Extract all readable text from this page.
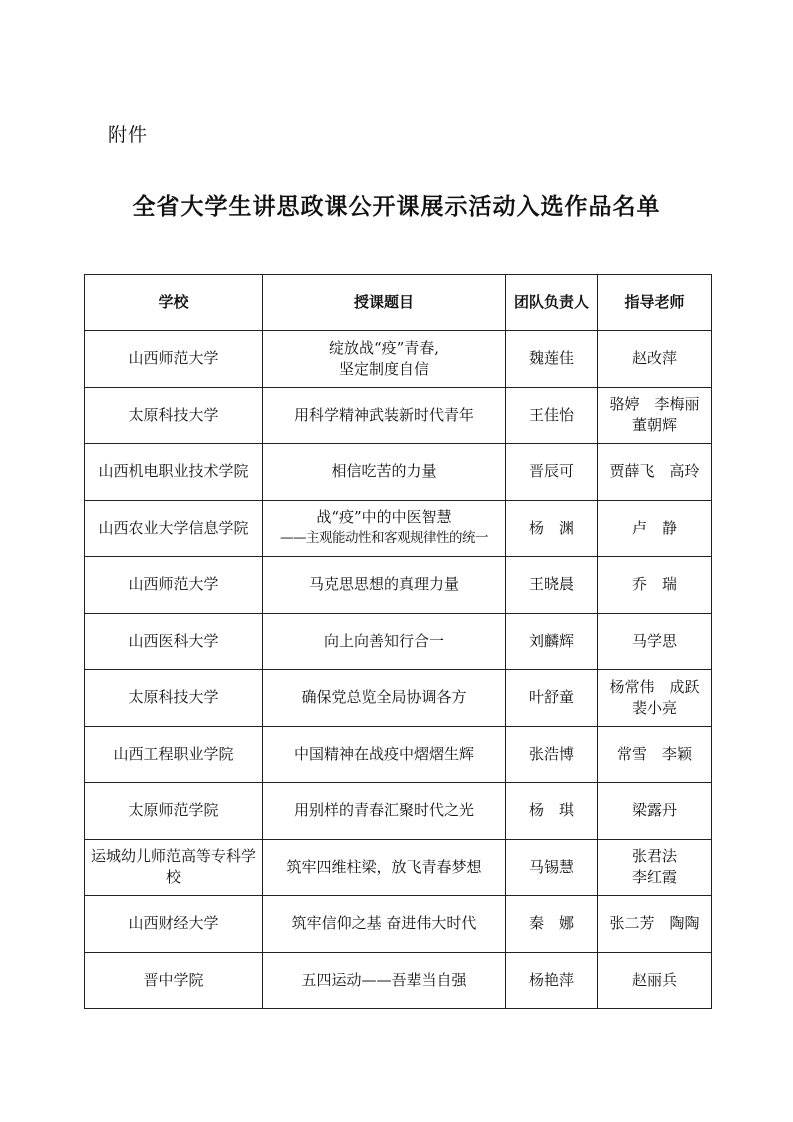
附件
全省大学生讲思政课公开课展示活动入选作品名单
学校	授课题目	团队负责人	指导老师
山西师范大学	绽放战“疫”青春,
坚定制度自信	魏莲佳	赵改萍

太原科技大学	用科学精神武装新时代青年	王佳怡	骆婷　李梅丽
董朝辉

山西机电职业技术学院	相信吃苦的力量	晋辰可	贾薛飞　高玲

山西农业大学信息学院	战“疫”中的中医智慧
——主观能动性和客观规律性的统一	杨　渊	卢　静

山西师范大学	马克思思想的真理力量	王晓晨	乔　瑞

山西医科大学	向上向善知行合一	刘麟辉	马学思

太原科技大学	确保党总览全局协调各方	叶舒童	杨常伟　成跃
裴小亮

山西工程职业学院	中国精神在战疫中熠熠生辉	张浩博	常雪　李颖

太原师范学院	用别样的青春汇聚时代之光	杨　琪	梁露丹

运城幼儿师范高等专科学校	筑牢四维柱梁，放飞青春梦想	马锡慧	张君法
李红霞

山西财经大学	筑牢信仰之基 奋进伟大时代	秦　娜	张二芳　陶陶

晋中学院	五四运动——吾辈当自强	杨艳萍	赵丽兵
